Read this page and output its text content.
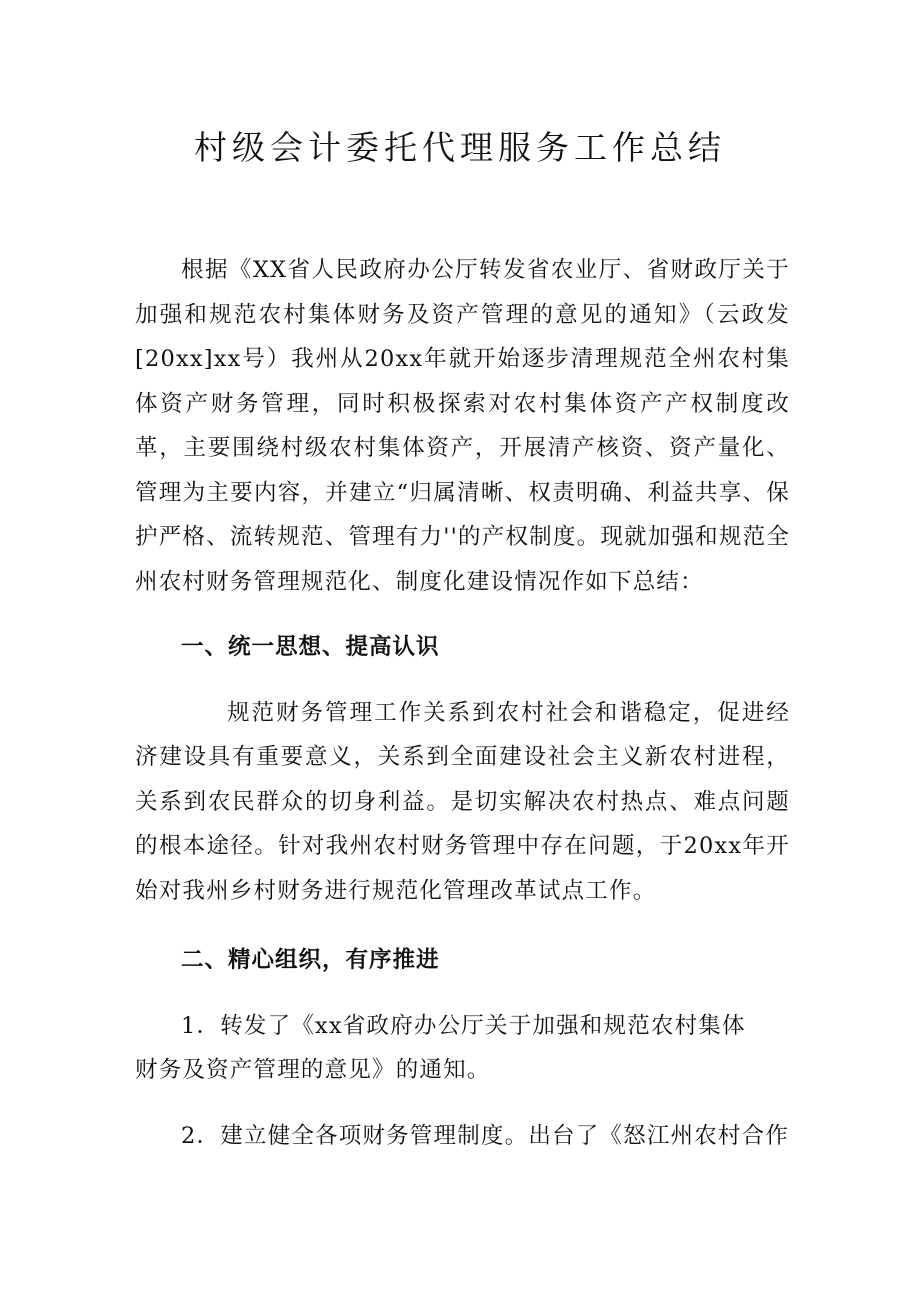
村级会计委托代理服务工作总结

根据《XX省人民政府办公厅转发省农业厅、省财政厅关于加强和规范农村集体财务及资产管理的意见的通知》（云政发[20xx]xx号）我州从20xx年就开始逐步清理规范全州农村集体资产财务管理，同时积极探索对农村集体资产产权制度改革，主要围绕村级农村集体资产，开展清产核资、资产量化、管理为主要内容，并建立“归属清晰、权责明确、利益共享、保护严格、流转规范、管理有力''的产权制度。现就加强和规范全州农村财务管理规范化、制度化建设情况作如下总结：

一、统一思想、提高认识

规范财务管理工作关系到农村社会和谐稳定，促进经济建设具有重要意义，关系到全面建设社会主义新农村进程，关系到农民群众的切身利益。是切实解决农村热点、难点问题的根本途径。针对我州农村财务管理中存在问题，于20xx年开始对我州乡村财务进行规范化管理改革试点工作。

二、精心组织，有序推进
1．转发了《xx省政府办公厅关于加强和规范农村集体
财务及资产管理的意见》的通知。
2．建立健全各项财务管理制度。出台了《怒江州农村合作
